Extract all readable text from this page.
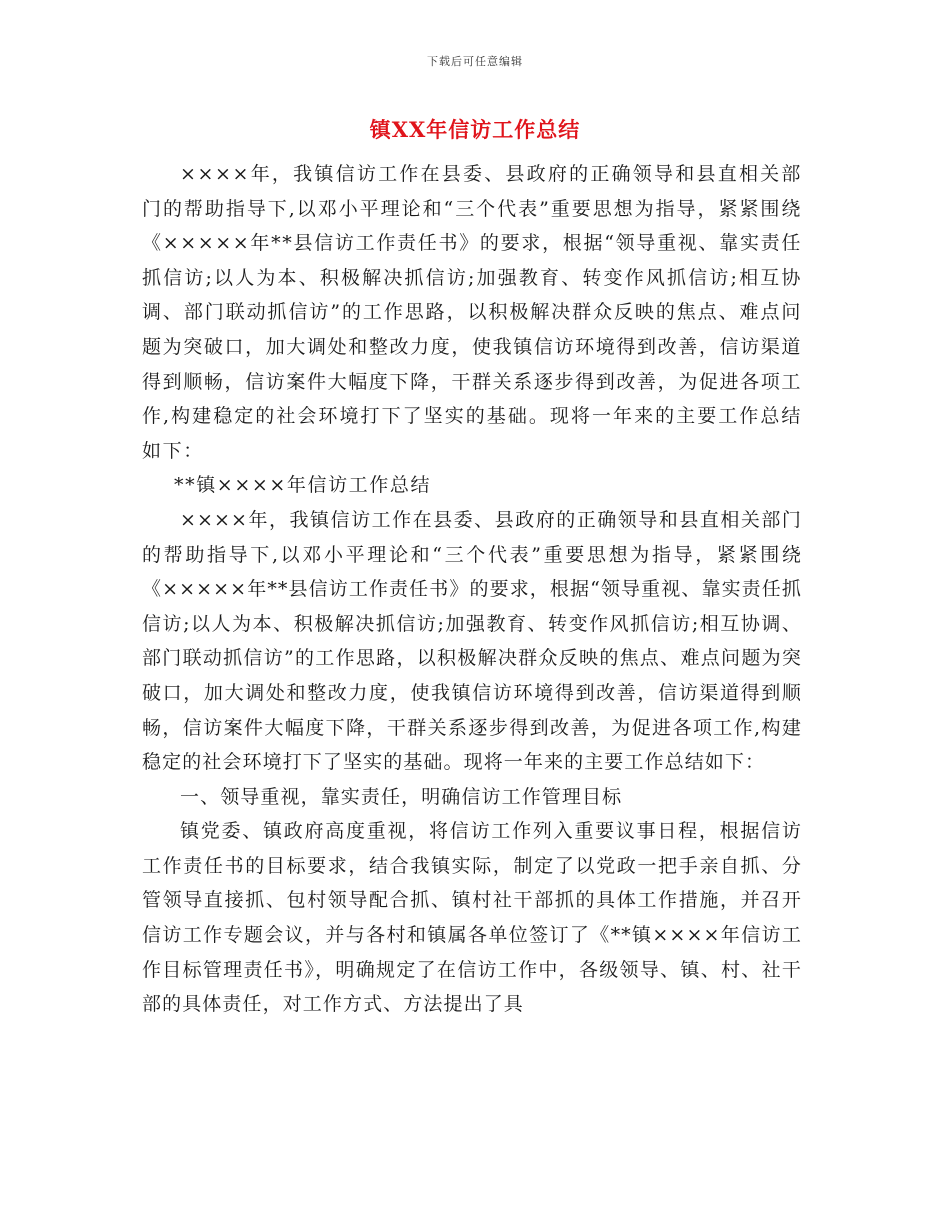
下载后可任意编辑
镇XX年信访工作总结

××××年，我镇信访工作在县委、县政府的正确领导和县直相关部门的帮助指导下,以邓小平理论和“三个代表”重要思想为指导，紧紧围绕《×××××年**县信访工作责任书》的要求，根据“领导重视、靠实责任抓信访;以人为本、积极解决抓信访;加强教育、转变作风抓信访;相互协调、部门联动抓信访”的工作思路，以积极解决群众反映的焦点、难点问题为突破口，加大调处和整改力度，使我镇信访环境得到改善，信访渠道得到顺畅，信访案件大幅度下降，干群关系逐步得到改善，为促进各项工作,构建稳定的社会环境打下了坚实的基础。现将一年来的主要工作总结如下：

**镇××××年信访工作总结

××××年，我镇信访工作在县委、县政府的正确领导和县直相关部门的帮助指导下,以邓小平理论和“三个代表”重要思想为指导，紧紧围绕《×××××年**县信访工作责任书》的要求，根据“领导重视、靠实责任抓信访;以人为本、积极解决抓信访;加强教育、转变作风抓信访;相互协调、部门联动抓信访”的工作思路，以积极解决群众反映的焦点、难点问题为突破口，加大调处和整改力度，使我镇信访环境得到改善，信访渠道得到顺畅，信访案件大幅度下降，干群关系逐步得到改善，为促进各项工作,构建稳定的社会环境打下了坚实的基础。现将一年来的主要工作总结如下：

一、领导重视，靠实责任，明确信访工作管理目标

镇党委、镇政府高度重视，将信访工作列入重要议事日程，根据信访工作责任书的目标要求，结合我镇实际，制定了以党政一把手亲自抓、分管领导直接抓、包村领导配合抓、镇村社干部抓的具体工作措施，并召开信访工作专题会议，并与各村和镇属各单位签订了《**镇××××年信访工作目标管理责任书》，明确规定了在信访工作中，各级领导、镇、村、社干部的具体责任，对工作方式、方法提出了具
